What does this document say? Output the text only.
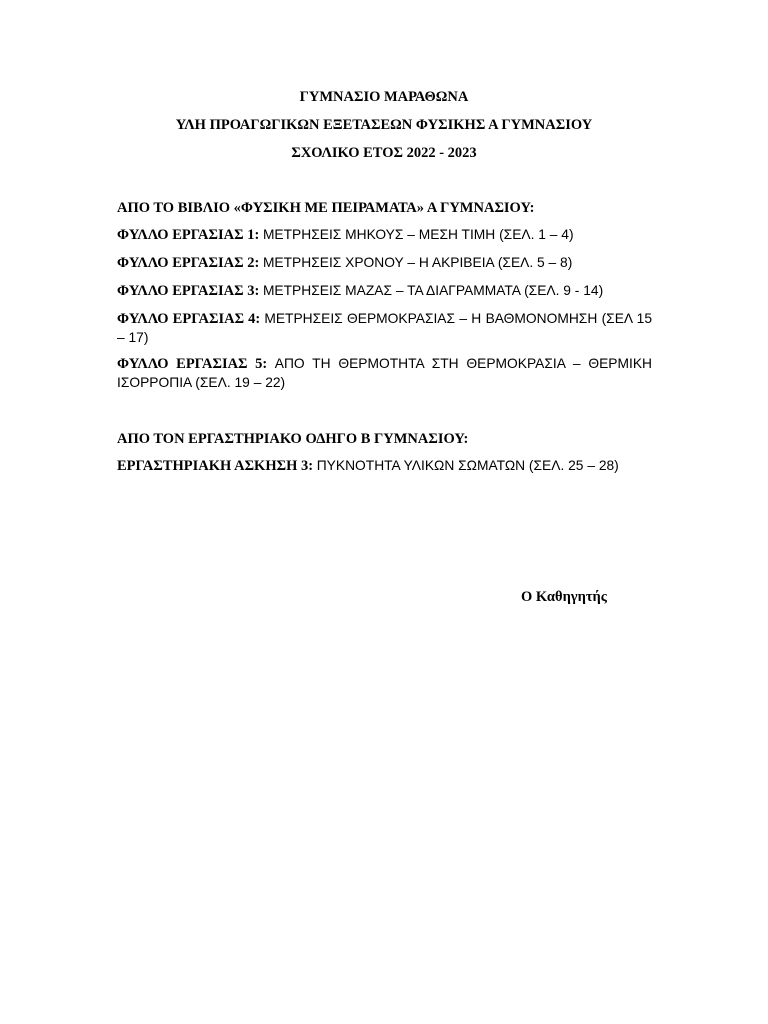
ΓΥΜΝΑΣΙΟ ΜΑΡΑΘΩΝΑ
ΥΛΗ ΠΡΟΑΓΩΓΙΚΩΝ ΕΞΕΤΑΣΕΩΝ ΦΥΣΙΚΗΣ Α ΓΥΜΝΑΣΙΟΥ
ΣΧΟΛΙΚΟ ΕΤΟΣ 2022 - 2023
ΑΠΟ ΤΟ ΒΙΒΛΙΟ «ΦΥΣΙΚΗ ΜΕ ΠΕΙΡΑΜΑΤΑ» Α ΓΥΜΝΑΣΙΟΥ:
ΦΥΛΛΟ ΕΡΓΑΣΙΑΣ 1: ΜΕΤΡΗΣΕΙΣ ΜΗΚΟΥΣ – ΜΕΣΗ ΤΙΜΗ (ΣΕΛ. 1 – 4)
ΦΥΛΛΟ ΕΡΓΑΣΙΑΣ 2: ΜΕΤΡΗΣΕΙΣ ΧΡΟΝΟΥ – Η ΑΚΡΙΒΕΙΑ (ΣΕΛ. 5 – 8)
ΦΥΛΛΟ ΕΡΓΑΣΙΑΣ 3: ΜΕΤΡΗΣΕΙΣ ΜΑΖΑΣ – ΤΑ ΔΙΑΓΡΑΜΜΑΤΑ (ΣΕΛ. 9 - 14)
ΦΥΛΛΟ ΕΡΓΑΣΙΑΣ 4: ΜΕΤΡΗΣΕΙΣ ΘΕΡΜΟΚΡΑΣΙΑΣ – Η ΒΑΘΜΟΝΟΜΗΣΗ (ΣΕΛ 15 – 17)
ΦΥΛΛΟ ΕΡΓΑΣΙΑΣ 5: ΑΠΟ ΤΗ ΘΕΡΜΟΤΗΤΑ ΣΤΗ ΘΕΡΜΟΚΡΑΣΙΑ – ΘΕΡΜΙΚΗ ΙΣΟΡΡΟΠΙΑ (ΣΕΛ. 19 – 22)
ΑΠΟ ΤΟΝ ΕΡΓΑΣΤΗΡΙΑΚΟ ΟΔΗΓΟ Β ΓΥΜΝΑΣΙΟΥ:
ΕΡΓΑΣΤΗΡΙΑΚΗ ΑΣΚΗΣΗ 3: ΠΥΚΝΟΤΗΤΑ ΥΛΙΚΩΝ ΣΩΜΑΤΩΝ (ΣΕΛ. 25 – 28)
Ο Καθηγητής
